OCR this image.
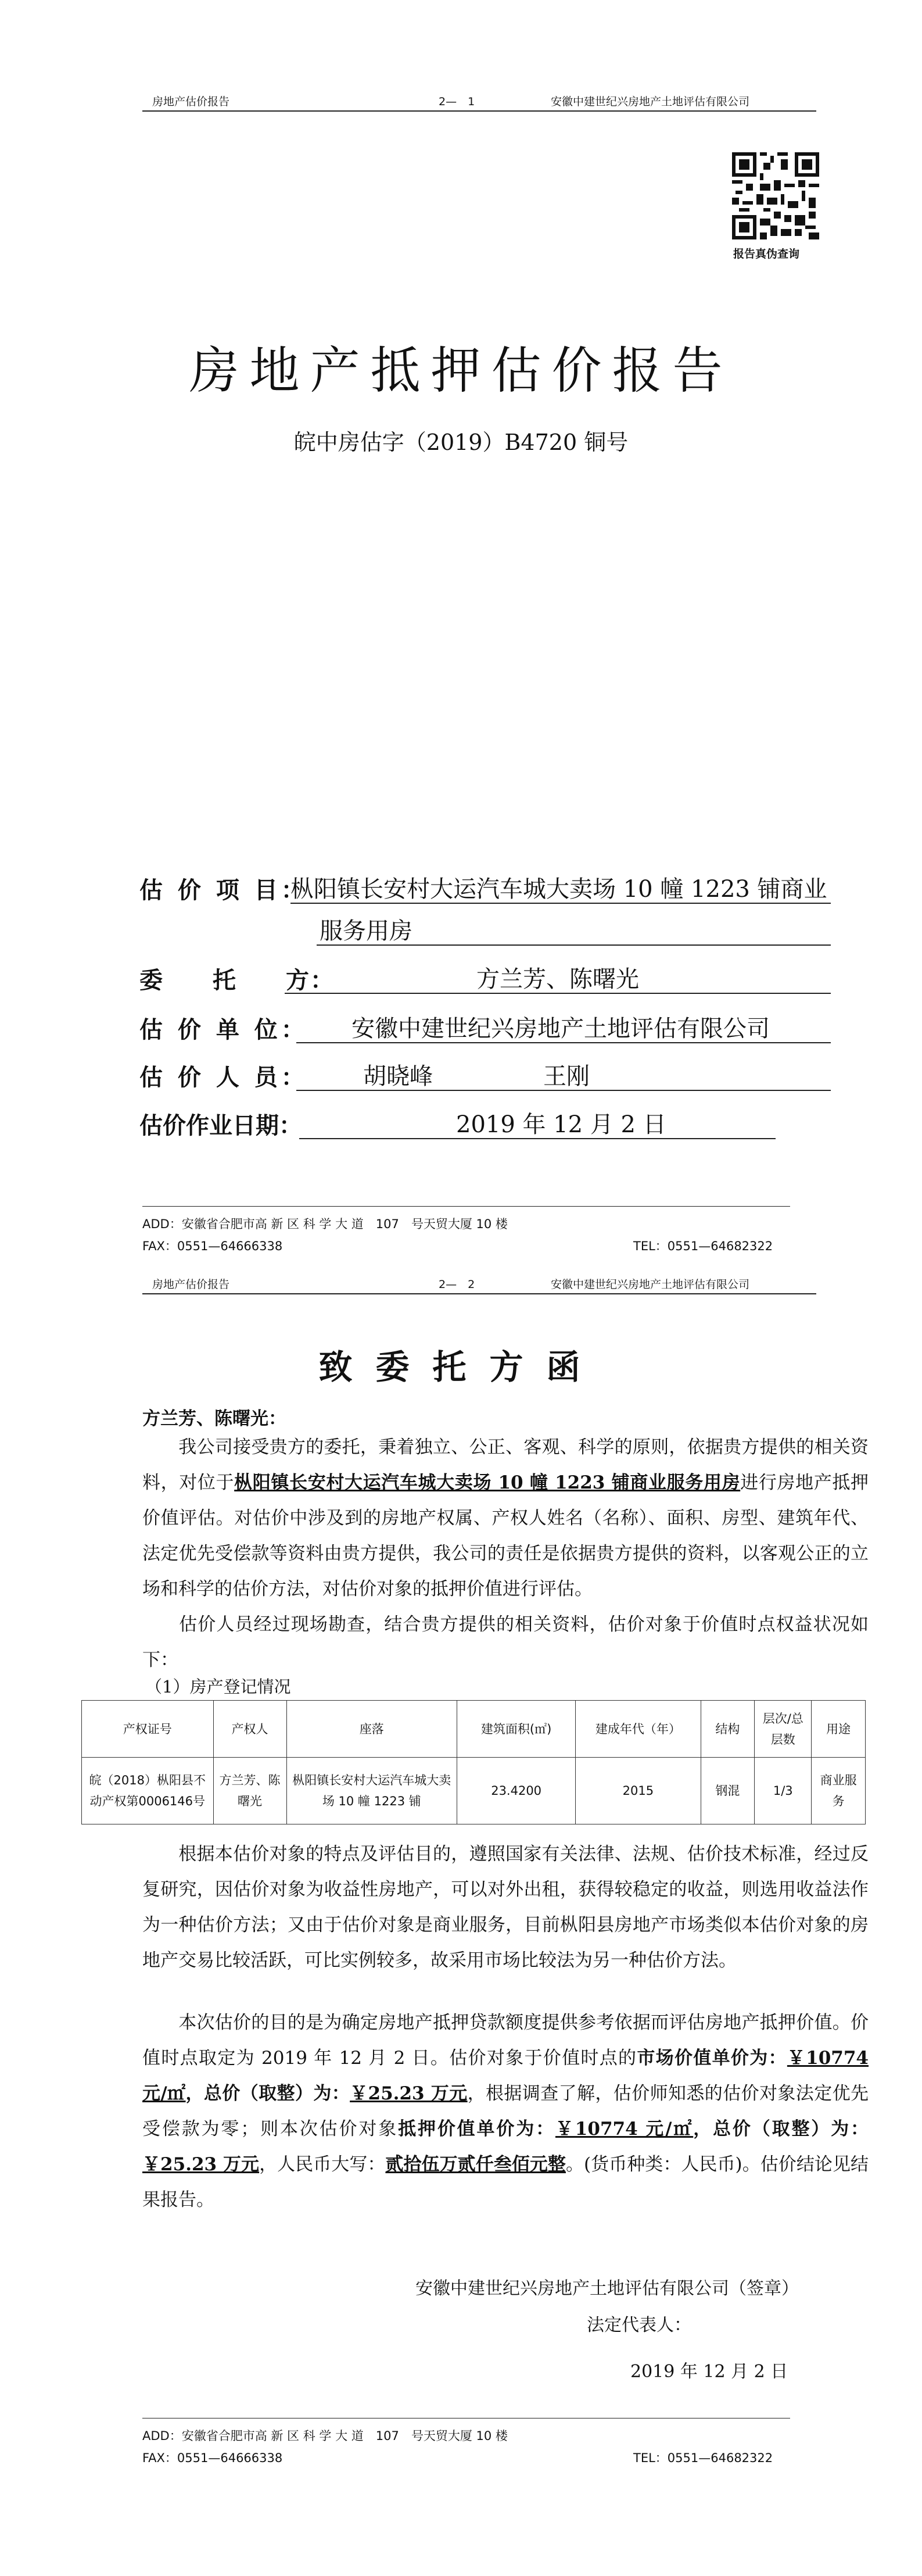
房地产估价报告	2—　1	安徽中建世纪兴房地产土地评估有限公司
报告真伪查询
房地产抵押估价报告
皖中房估字（2019）B4720 铜号
估 价 项 目：
枞阳镇长安村大运汽车城大卖场 10 幢 1223 铺商业
服务用房
委　　托　　方：	方兰芳、陈曙光
估 价 单 位： 安徽中建世纪兴房地产土地评估有限公司
估 价 人 员： 胡晓峰	王刚
估价作业日期：	2019 年 12 月 2 日
ADD：安徽省合肥市高 新 区 科 学 大 道　107　号天贸大厦 10 楼
FAX：0551—64666338	TEL：0551—64682322
房地产估价报告	2—　2	安徽中建世纪兴房地产土地评估有限公司
致委托方函
方兰芳、陈曙光：
我公司接受贵方的委托，秉着独立、公正、客观、科学的原则，依据贵方提供的相关资料，对位于枞阳镇长安村大运汽车城大卖场 10 幢 1223 铺商业服务用房进行房地产抵押价值评估。对估价中涉及到的房地产权属、产权人姓名（名称）、面积、房型、建筑年代、法定优先受偿款等资料由贵方提供，我公司的责任是依据贵方提供的资料，以客观公正的立场和科学的估价方法，对估价对象的抵押价值进行评估。
估价人员经过现场勘查，结合贵方提供的相关资料，估价对象于价值时点权益状况如下：
（1）房产登记情况
产权证号	产权人	座落	建筑面积(㎡)	建成年代（年）	结构	层次/总层数	用途
皖（2018）枞阳县不动产权第0006146号	方兰芳、陈曙光	枞阳镇长安村大运汽车城大卖场 10 幢 1223 铺	23.4200	2015	钢混	1/3	商业服务
根据本估价对象的特点及评估目的，遵照国家有关法律、法规、估价技术标准，经过反复研究，因估价对象为收益性房地产，可以对外出租，获得较稳定的收益，则选用收益法作为一种估价方法；又由于估价对象是商业服务，目前枞阳县房地产市场类似本估价对象的房地产交易比较活跃，可比实例较多，故采用市场比较法为另一种估价方法。
本次估价的目的是为确定房地产抵押贷款额度提供参考依据而评估房地产抵押价值。价值时点取定为 2019 年 12 月 2 日。估价对象于价值时点的市场价值单价为：￥10774 元/㎡，总价（取整）为：￥25.23 万元，根据调查了解，估价师知悉的估价对象法定优先受偿款为零；则本次估价对象抵押价值单价为：￥10774 元/㎡，总价（取整）为：￥25.23 万元，人民币大写：贰拾伍万贰仟叁佰元整。(货币种类：人民币)。估价结论见结果报告。
安徽中建世纪兴房地产土地评估有限公司（签章）
法定代表人：
2019 年 12 月 2 日
ADD：安徽省合肥市高 新 区 科 学 大 道　107　号天贸大厦 10 楼
FAX：0551—64666338	TEL：0551—64682322
